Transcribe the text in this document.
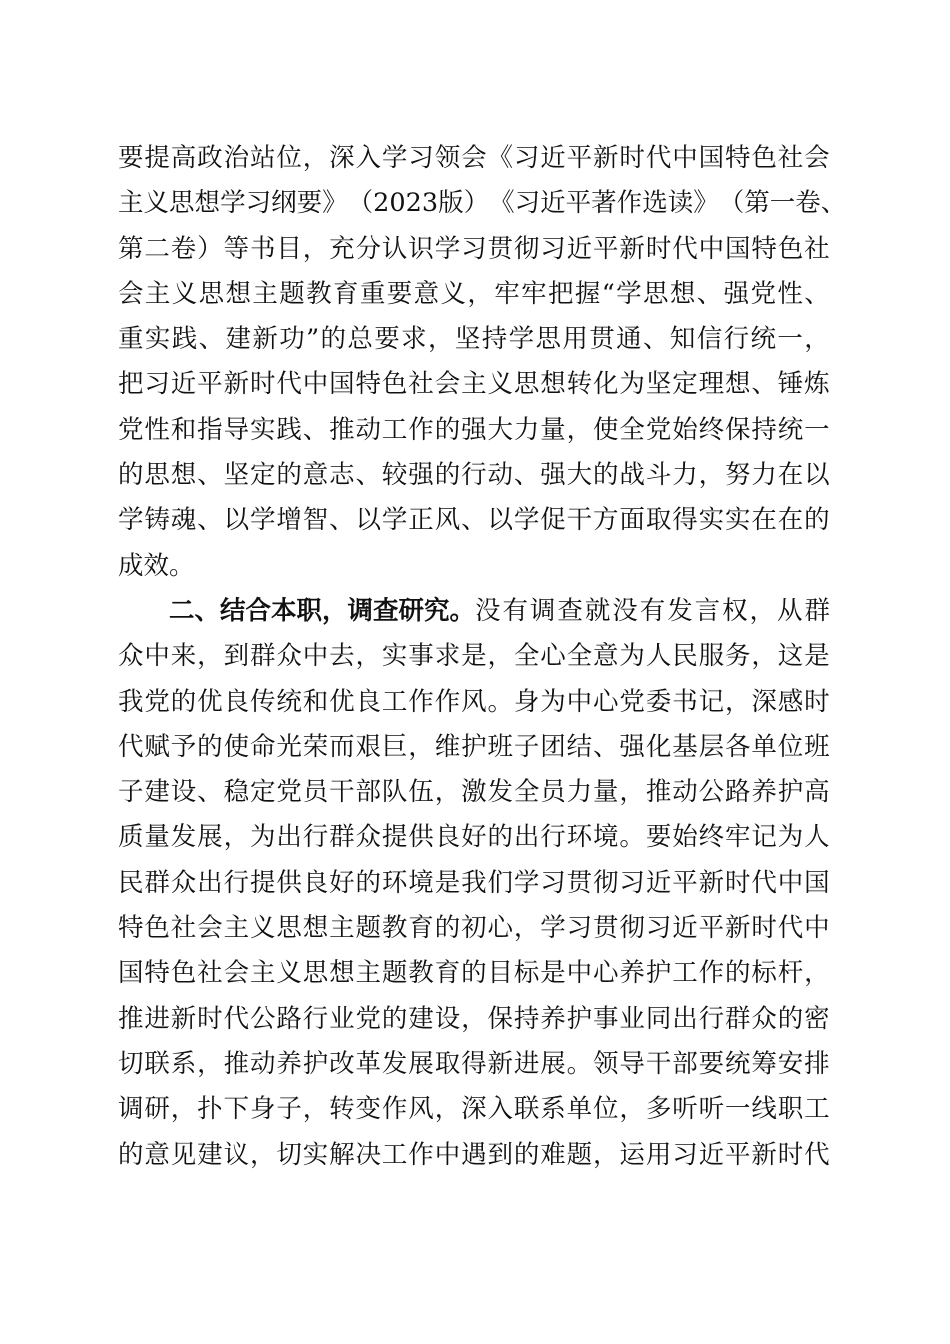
要 提 高 政 治 站 位 ， 深 入 学 习 领 会 《 习 近 平 新 时 代 中 国 特 色 社 会
主 义 思 想 学 习 纲 要 》 （ 2023 版 ） 《 习 近 平 著 作 选 读 》 （ 第 一 卷 、
第 二 卷 ） 等 书 目 ， 充 分 认 识 学 习 贯 彻 习 近 平 新 时 代 中 国 特 色 社
会 主 义 思 想 主 题 教 育 重 要 意 义 ， 牢 牢 把 握 “ 学 思 想 、 强 党 性 、
重 实 践 、 建 新 功 ” 的 总 要 求 ， 坚 持 学 思 用 贯 通 、 知 信 行 统 一 ，
把 习 近 平 新 时 代 中 国 特 色 社 会 主 义 思 想 转 化 为 坚 定 理 想 、 锤 炼
党 性 和 指 导 实 践 、 推 动 工 作 的 强 大 力 量 ， 使 全 党 始 终 保 持 统 一
的 思 想 、 坚 定 的 意 志 、 较 强 的 行 动 、 强 大 的 战 斗 力 ， 努 力 在 以
学 铸 魂 、 以 学 增 智 、 以 学 正 风 、 以 学 促 干 方 面 取 得 实 实 在 在 的
成效。
二、结合本职，调查研究。 没 有 调 查 就 没 有 发 言 权 ， 从 群
众 中 来 ， 到 群 众 中 去 ， 实 事 求 是 ， 全 心 全 意 为 人 民 服 务 ， 这 是
我 党 的 优 良 传 统 和 优 良 工 作 作 风 。 身 为 中 心 党 委 书 记 ， 深 感 时
代 赋 予 的 使 命 光 荣 而 艰 巨 ， 维 护 班 子 团 结 、 强 化 基 层 各 单 位 班
子 建 设 、 稳 定 党 员 干 部 队 伍 ， 激 发 全 员 力 量 ， 推 动 公 路 养 护 高
质 量 发 展 ， 为 出 行 群 众 提 供 良 好 的 出 行 环 境 。 要 始 终 牢 记 为 人
民 群 众 出 行 提 供 良 好 的 环 境 是 我 们 学 习 贯 彻 习 近 平 新 时 代 中 国
特 色 社 会 主 义 思 想 主 题 教 育 的 初 心 ， 学 习 贯 彻 习 近 平 新 时 代 中
国 特 色 社 会 主 义 思 想 主 题 教 育 的 目 标 是 中 心 养 护 工 作 的 标 杆 ，
推 进 新 时 代 公 路 行 业 党 的 建 设 ， 保 持 养 护 事 业 同 出 行 群 众 的 密
切 联 系 ， 推 动 养 护 改 革 发 展 取 得 新 进 展 。 领 导 干 部 要 统 筹 安 排
调 研 ， 扑 下 身 子 ， 转 变 作 风 ， 深 入 联 系 单 位 ， 多 听 听 一 线 职 工
的 意 见 建 议 ， 切 实 解 决 工 作 中 遇 到 的 难 题 ， 运 用 习 近 平 新 时 代
